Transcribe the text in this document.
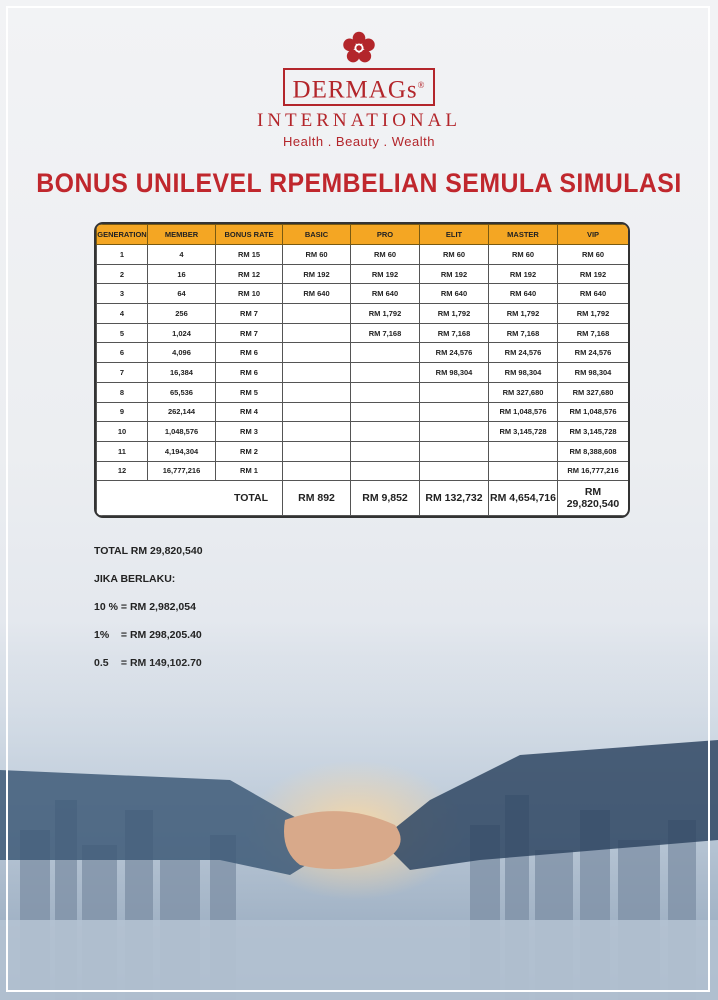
DERMAGs®
INTERNATIONAL
Health . Beauty . Wealth
BONUS UNILEVEL RPEMBELIAN SEMULA SIMULASI
GENERATION	MEMBER	BONUS RATE	BASIC	PRO	ELIT	MASTER	VIP
1	4	RM 15	RM 60	RM 60	RM 60	RM 60	RM 60
2	16	RM 12	RM 192	RM 192	RM 192	RM 192	RM 192
3	64	RM 10	RM 640	RM 640	RM 640	RM 640	RM 640
4	256	RM 7		RM 1,792	RM 1,792	RM 1,792	RM 1,792
5	1,024	RM 7		RM 7,168	RM 7,168	RM 7,168	RM 7,168
6	4,096	RM 6			RM 24,576	RM 24,576	RM 24,576
7	16,384	RM 6			RM 98,304	RM 98,304	RM 98,304
8	65,536	RM 5				RM 327,680	RM 327,680
9	262,144	RM 4				RM 1,048,576	RM 1,048,576
10	1,048,576	RM 3				RM 3,145,728	RM 3,145,728
11	4,194,304	RM 2					RM 8,388,608
12	16,777,216	RM 1					RM 16,777,216
TOTAL			RM 892	RM 9,852	RM 132,732	RM 4,654,716	RM 29,820,540
TOTAL RM 29,820,540
JIKA BERLAKU:
10 % = RM 2,982,054
1% = RM 298,205.40
